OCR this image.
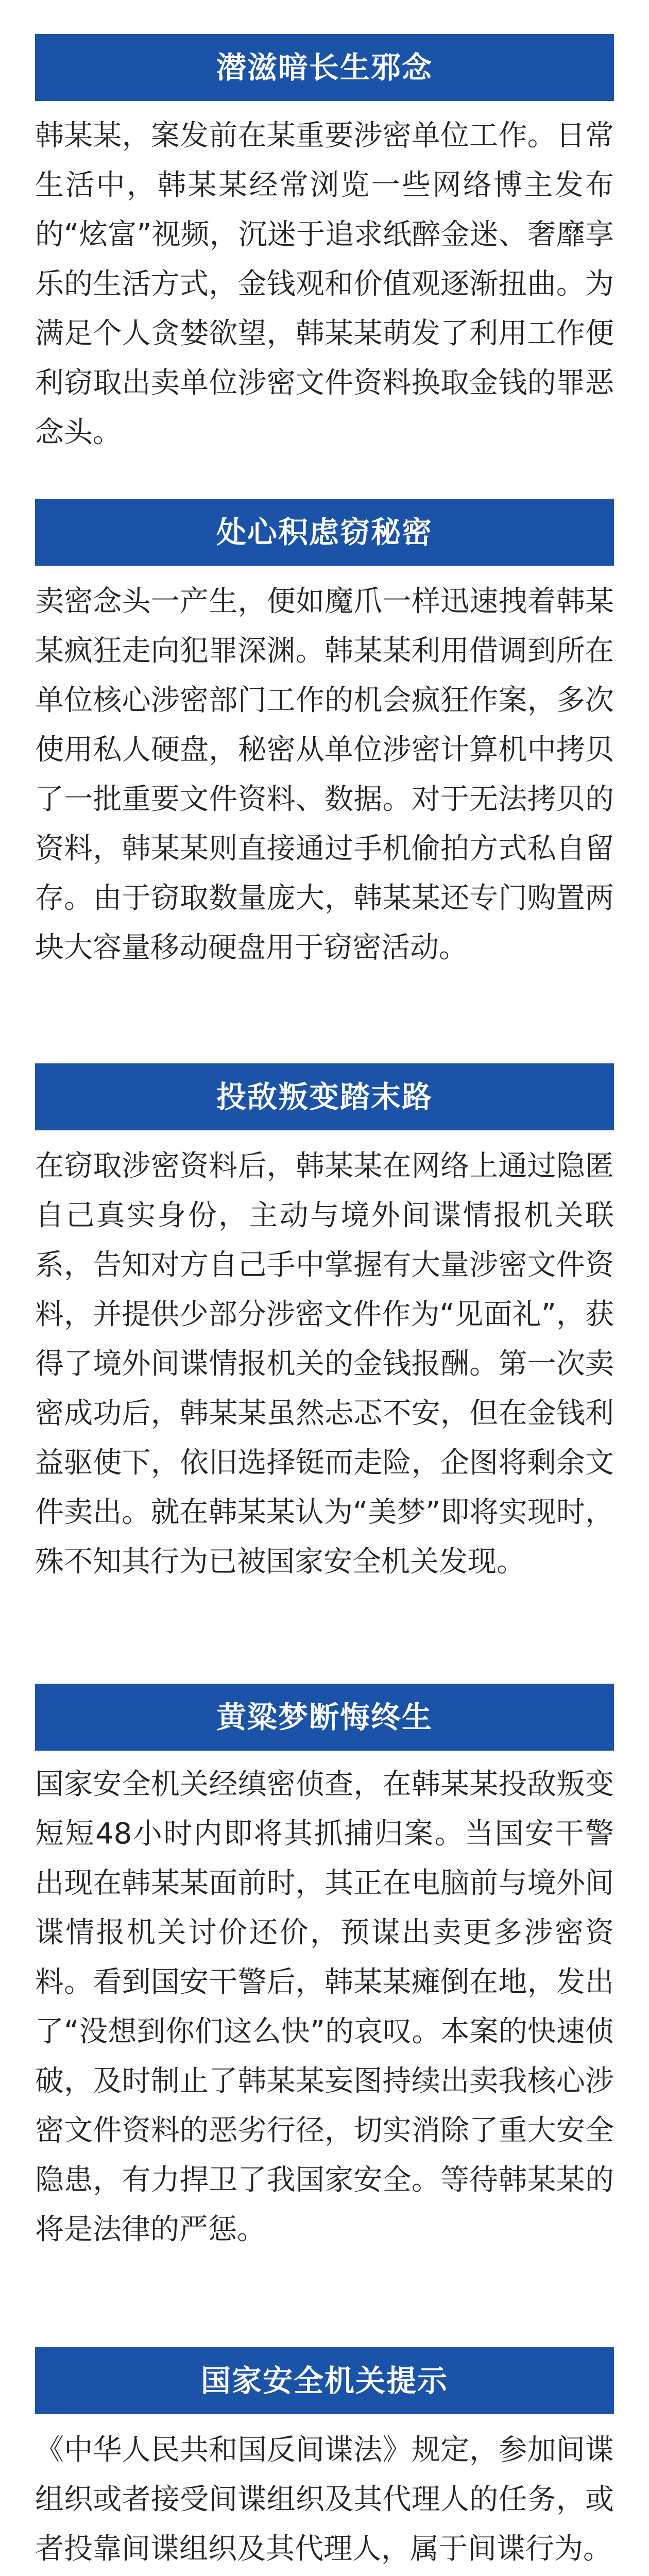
潜滋暗长生邪念

韩某某，案发前在某重要涉密单位工作。日常生活中，韩某某经常浏览一些网络博主发布的“炫富”视频，沉迷于追求纸醉金迷、奢靡享乐的生活方式，金钱观和价值观逐渐扭曲。为满足个人贪婪欲望，韩某某萌发了利用工作便利窃取出卖单位涉密文件资料换取金钱的罪恶念头。

处心积虑窃秘密

卖密念头一产生，便如魔爪一样迅速拽着韩某某疯狂走向犯罪深渊。韩某某利用借调到所在单位核心涉密部门工作的机会疯狂作案，多次使用私人硬盘，秘密从单位涉密计算机中拷贝了一批重要文件资料、数据。对于无法拷贝的资料，韩某某则直接通过手机偷拍方式私自留存。由于窃取数量庞大，韩某某还专门购置两块大容量移动硬盘用于窃密活动。

投敌叛变踏末路

在窃取涉密资料后，韩某某在网络上通过隐匿自己真实身份，主动与境外间谍情报机关联系，告知对方自己手中掌握有大量涉密文件资料，并提供少部分涉密文件作为“见面礼”，获得了境外间谍情报机关的金钱报酬。第一次卖密成功后，韩某某虽然忐忑不安，但在金钱利益驱使下，依旧选择铤而走险，企图将剩余文件卖出。就在韩某某认为“美梦”即将实现时，殊不知其行为已被国家安全机关发现。

黄粱梦断悔终生

国家安全机关经缜密侦查，在韩某某投敌叛变短短48小时内即将其抓捕归案。当国安干警出现在韩某某面前时，其正在电脑前与境外间谍情报机关讨价还价，预谋出卖更多涉密资料。看到国安干警后，韩某某瘫倒在地，发出了“没想到你们这么快”的哀叹。本案的快速侦破，及时制止了韩某某妄图持续出卖我核心涉密文件资料的恶劣行径，切实消除了重大安全隐患，有力捍卫了我国家安全。等待韩某某的将是法律的严惩。

国家安全机关提示

《中华人民共和国反间谍法》规定，参加间谍组织或者接受间谍组织及其代理人的任务，或者投靠间谍组织及其代理人，属于间谍行为。
